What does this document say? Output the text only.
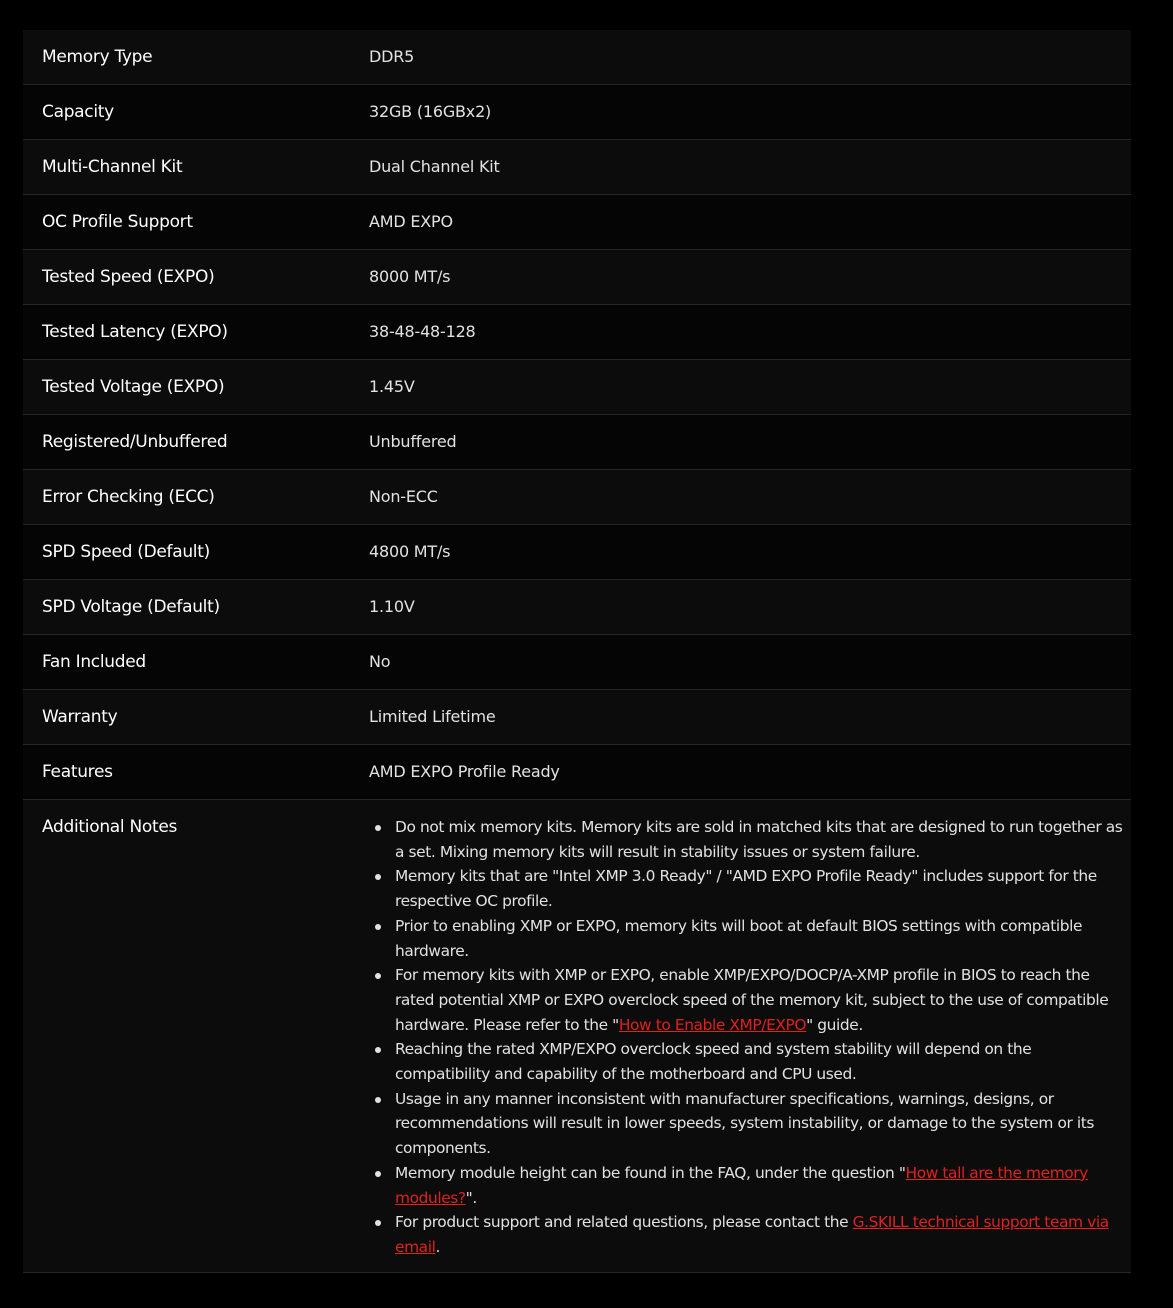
Memory Type	DDR5
Capacity	32GB (16GBx2)
Multi-Channel Kit	Dual Channel Kit
OC Profile Support	AMD EXPO
Tested Speed (EXPO)	8000 MT/s
Tested Latency (EXPO)	38-48-48-128
Tested Voltage (EXPO)	1.45V
Registered/Unbuffered	Unbuffered
Error Checking (ECC)	Non-ECC
SPD Speed (Default)	4800 MT/s
SPD Voltage (Default)	1.10V
Fan Included	No
Warranty	Limited Lifetime
Features	AMD EXPO Profile Ready
Additional Notes	Do not mix memory kits. Memory kits are sold in matched kits that are designed to run together as a set. Mixing memory kits will result in stability issues or system failure.
Memory kits that are "Intel XMP 3.0 Ready" / "AMD EXPO Profile Ready" includes support for the respective OC profile.
Prior to enabling XMP or EXPO, memory kits will boot at default BIOS settings with compatible hardware.
For memory kits with XMP or EXPO, enable XMP/EXPO/DOCP/A-XMP profile in BIOS to reach the rated potential XMP or EXPO overclock speed of the memory kit, subject to the use of compatible hardware. Please refer to the "How to Enable XMP/EXPO" guide.
Reaching the rated XMP/EXPO overclock speed and system stability will depend on the compatibility and capability of the motherboard and CPU used.
Usage in any manner inconsistent with manufacturer specifications, warnings, designs, or recommendations will result in lower speeds, system instability, or damage to the system or its components.
Memory module height can be found in the FAQ, under the question "How tall are the memory modules?".
For product support and related questions, please contact the G.SKILL technical support team via email.
